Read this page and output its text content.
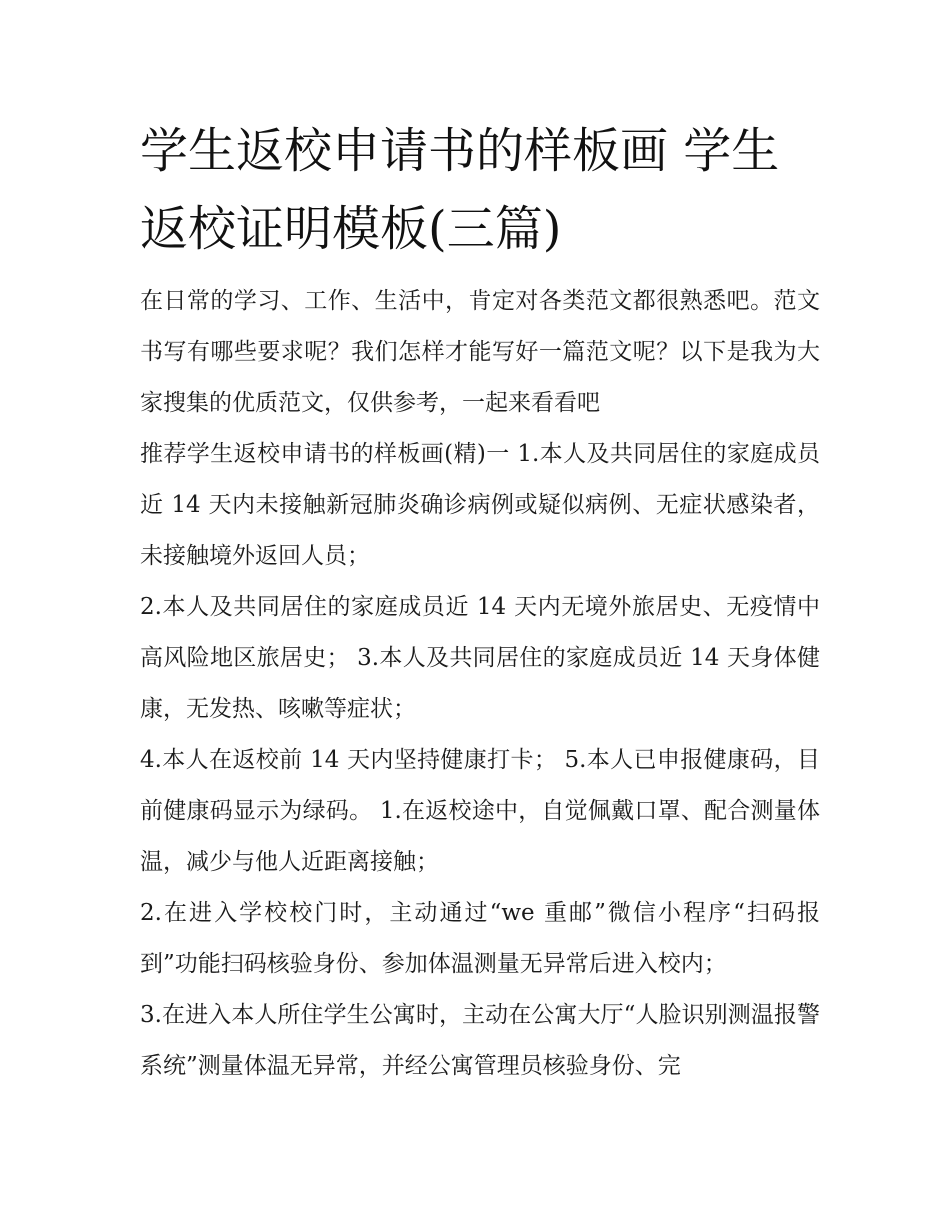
学生返校申请书的样板画 学生返校证明模板(三篇)

在日常的学习、工作、生活中，肯定对各类范文都很熟悉吧。范文书写有哪些要求呢？我们怎样才能写好一篇范文呢？以下是我为大家搜集的优质范文，仅供参考，一起来看看吧

推荐学生返校申请书的样板画(精)一 1.本人及共同居住的家庭成员近 14 天内未接触新冠肺炎确诊病例或疑似病例、无症状感染者，未接触境外返回人员；

2.本人及共同居住的家庭成员近 14 天内无境外旅居史、无疫情中高风险地区旅居史； 3.本人及共同居住的家庭成员近 14 天身体健康，无发热、咳嗽等症状；

4.本人在返校前 14 天内坚持健康打卡； 5.本人已申报健康码，目前健康码显示为绿码。 1.在返校途中，自觉佩戴口罩、配合测量体温，减少与他人近距离接触；

2.在进入学校校门时，主动通过“we 重邮”微信小程序“扫码报到”功能扫码核验身份、参加体温测量无异常后进入校内；

3.在进入本人所住学生公寓时，主动在公寓大厅“人脸识别测温报警系统”测量体温无异常，并经公寓管理员核验身份、完
